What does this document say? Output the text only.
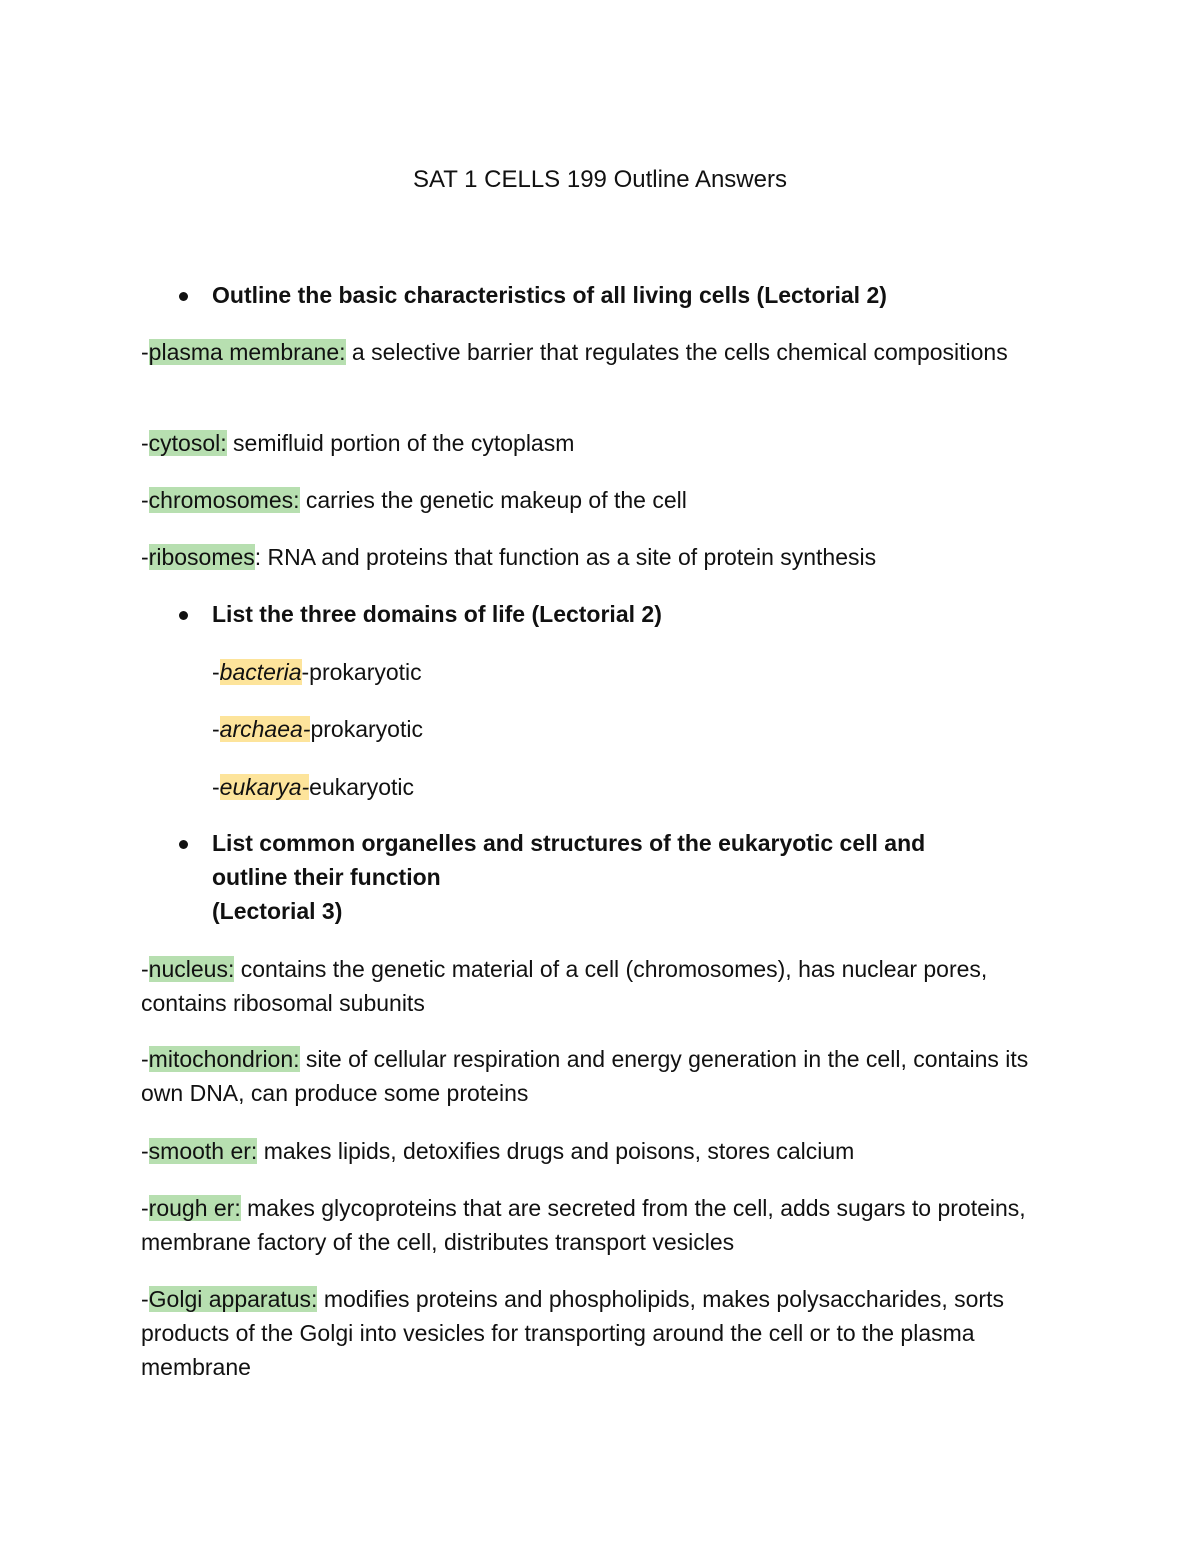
SAT 1 CELLS 199 Outline Answers

Outline the basic characteristics of all living cells (Lectorial 2)

-plasma membrane: a selective barrier that regulates the cells chemical compositions

-cytosol: semifluid portion of the cytoplasm

-chromosomes: carries the genetic makeup of the cell

-ribosomes: RNA and proteins that function as a site of protein synthesis

List the three domains of life (Lectorial 2)

-bacteria-prokaryotic

-archaea-prokaryotic

-eukarya-eukaryotic

List common organelles and structures of the eukaryotic cell and
outline their function
(Lectorial 3)

-nucleus: contains the genetic material of a cell (chromosomes), has nuclear pores, contains ribosomal subunits

-mitochondrion: site of cellular respiration and energy generation in the cell, contains its own DNA, can produce some proteins

-smooth er: makes lipids, detoxifies drugs and poisons, stores calcium

-rough er: makes glycoproteins that are secreted from the cell, adds sugars to proteins, membrane factory of the cell, distributes transport vesicles

-Golgi apparatus: modifies proteins and phospholipids, makes polysaccharides, sorts products of the Golgi into vesicles for transporting around the cell or to the plasma membrane
